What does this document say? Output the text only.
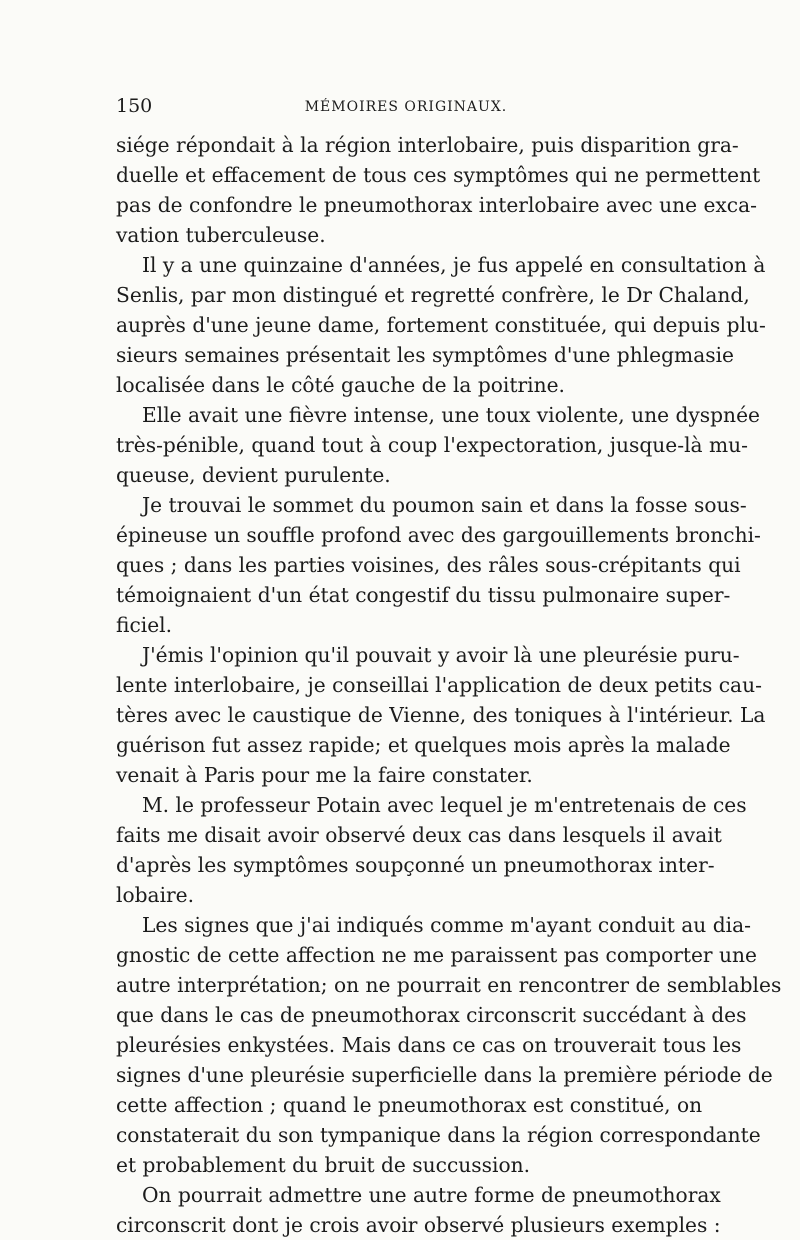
150	MÉMOIRES ORIGINAUX.
siége répondait à la région interlobaire, puis disparition gra-
duelle et effacement de tous ces symptômes qui ne permettent
pas de confondre le pneumothorax interlobaire avec une exca-
vation tuberculeuse.
Il y a une quinzaine d'années, je fus appelé en consultation à
Senlis, par mon distingué et regretté confrère, le Dr Chaland,
auprès d'une jeune dame, fortement constituée, qui depuis plu-
sieurs semaines présentait les symptômes d'une phlegmasie
localisée dans le côté gauche de la poitrine.
Elle avait une fièvre intense, une toux violente, une dyspnée
très-pénible, quand tout à coup l'expectoration, jusque-là mu-
queuse, devient purulente.
Je trouvai le sommet du poumon sain et dans la fosse sous-
épineuse un souffle profond avec des gargouillements bronchi-
ques ; dans les parties voisines, des râles sous-crépitants qui
témoignaient d'un état congestif du tissu pulmonaire super-
ficiel.
J'émis l'opinion qu'il pouvait y avoir là une pleurésie puru-
lente interlobaire, je conseillai l'application de deux petits cau-
tères avec le caustique de Vienne, des toniques à l'intérieur. La
guérison fut assez rapide; et quelques mois après la malade
venait à Paris pour me la faire constater.
M. le professeur Potain avec lequel je m'entretenais de ces
faits me disait avoir observé deux cas dans lesquels il avait
d'après les symptômes soupçonné un pneumothorax inter-
lobaire.
Les signes que j'ai indiqués comme m'ayant conduit au dia-
gnostic de cette affection ne me paraissent pas comporter une
autre interprétation; on ne pourrait en rencontrer de semblables
que dans le cas de pneumothorax circonscrit succédant à des
pleurésies enkystées. Mais dans ce cas on trouverait tous les
signes d'une pleurésie superficielle dans la première période de
cette affection ; quand le pneumothorax est constitué, on
constaterait du son tympanique dans la région correspondante
et probablement du bruit de succussion.
On pourrait admettre une autre forme de pneumothorax
circonscrit dont je crois avoir observé plusieurs exemples :
